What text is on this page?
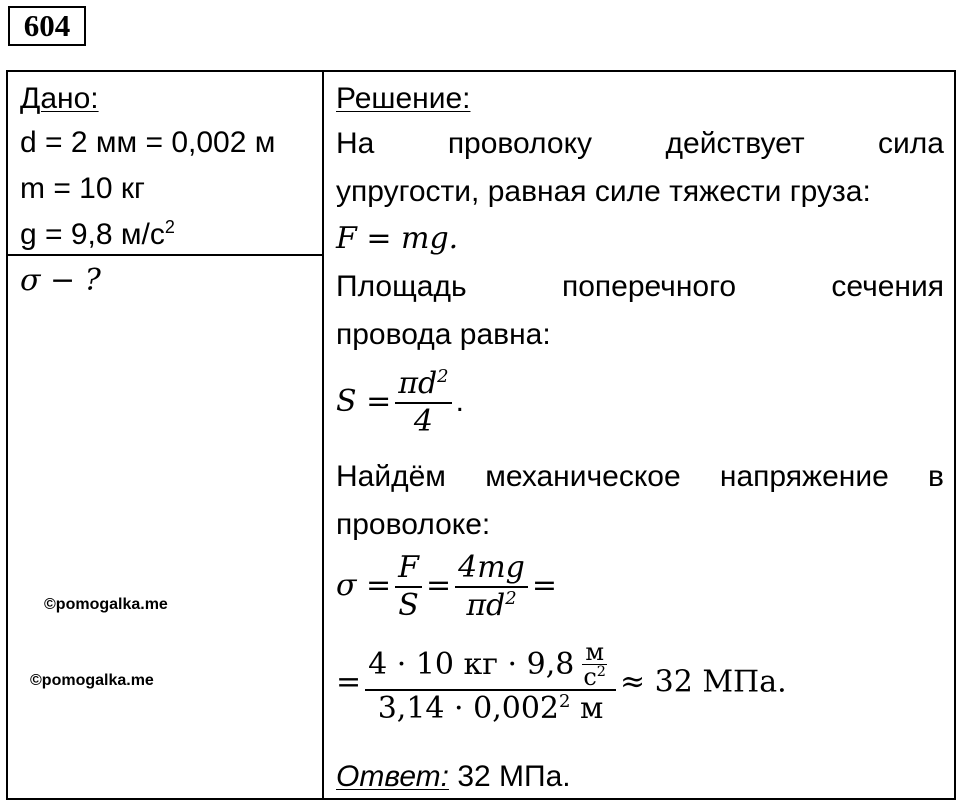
604
Дано:
d = 2 мм = 0,002 м
m = 10 кг
g = 9,8 $м/с^2$
σ − ?
©pomogalka.me
©pomogalka.me
Решение:
На проволоку действует сила
упругости, равная силе тяжести груза:
F = mg.
Площадь	поперечного	сечения
провода равна:
$S = \frac{\pi d^2}{4}$ .
Найдём механическое напряжение в
проволоке:
$\sigma = \frac{F}{S} = \frac{4mg}{\pi d^2}$ =
= $\frac{4 \cdot 10 кг \cdot 9,8 \frac{м}{с^2}}{3,14 \cdot 0,002^2 м} \approx 32$ МПа.
Ответ: 32 МПа.
